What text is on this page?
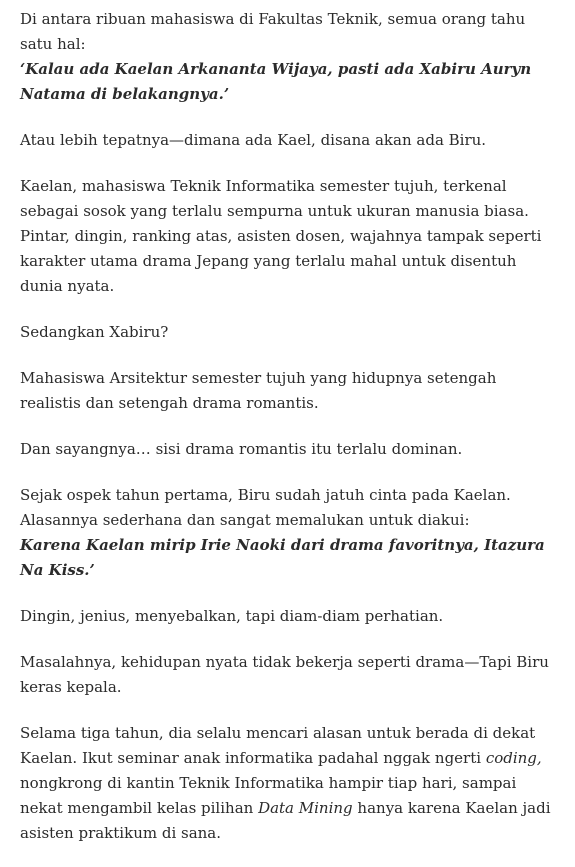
Di antara ribuan mahasiswa di Fakultas Teknik, semua orang tahu satu hal:
‘Kalau ada Kaelan Arkananta Wijaya, pasti ada Xabiru Auryn Natama di belakangnya.’

Atau lebih tepatnya—dimana ada Kael, disana akan ada Biru.

Kaelan, mahasiswa Teknik Informatika semester tujuh, terkenal sebagai sosok yang terlalu sempurna untuk ukuran manusia biasa. Pintar, dingin, ranking atas, asisten dosen, wajahnya tampak seperti karakter utama drama Jepang yang terlalu mahal untuk disentuh dunia nyata.

Sedangkan Xabiru?

Mahasiswa Arsitektur semester tujuh yang hidupnya setengah realistis dan setengah drama romantis.

Dan sayangnya… sisi drama romantis itu terlalu dominan.

Sejak ospek tahun pertama, Biru sudah jatuh cinta pada Kaelan. Alasannya sederhana dan sangat memalukan untuk diakui:
Karena Kaelan mirip Irie Naoki dari drama favoritnya, Itazura Na Kiss.’

Dingin, jenius, menyebalkan, tapi diam-diam perhatian.

Masalahnya, kehidupan nyata tidak bekerja seperti drama—Tapi Biru keras kepala.

Selama tiga tahun, dia selalu mencari alasan untuk berada di dekat Kaelan. Ikut seminar anak informatika padahal nggak ngerti coding, nongkrong di kantin Teknik Informatika hampir tiap hari, sampai nekat mengambil kelas pilihan Data Mining hanya karena Kaelan jadi asisten praktikum di sana.
